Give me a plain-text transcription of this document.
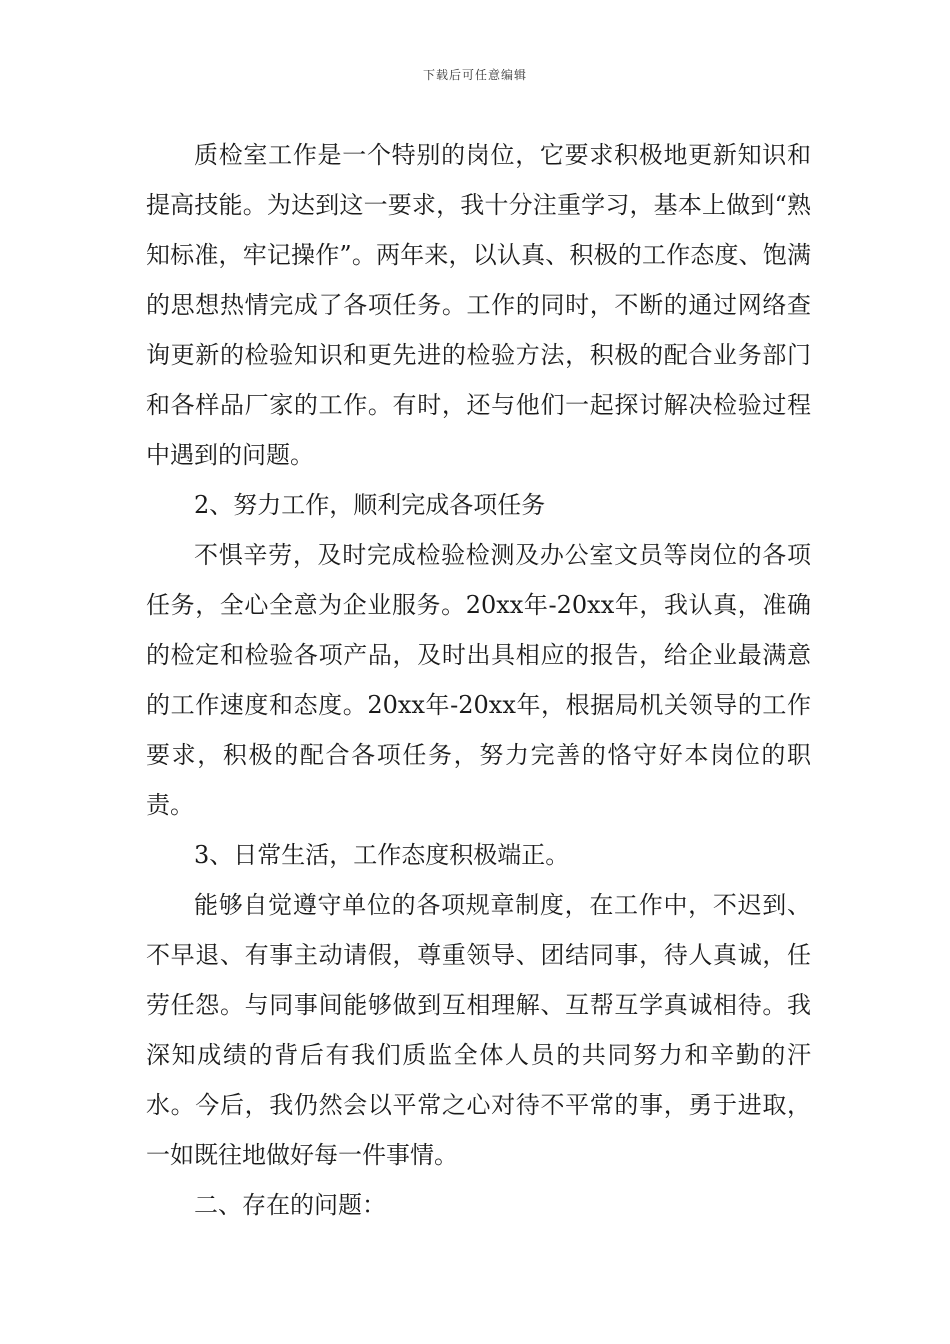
下载后可任意编辑

质检室工作是一个特别的岗位，它要求积极地更新知识和提高技能。为达到这一要求，我十分注重学习，基本上做到“熟知标准，牢记操作”。两年来，以认真、积极的工作态度、饱满的思想热情完成了各项任务。工作的同时，不断的通过网络查询更新的检验知识和更先进的检验方法，积极的配合业务部门和各样品厂家的工作。有时，还与他们一起探讨解决检验过程中遇到的问题。

2、努力工作，顺利完成各项任务

不惧辛劳，及时完成检验检测及办公室文员等岗位的各项任务，全心全意为企业服务。20xx年-20xx年，我认真，准确的检定和检验各项产品，及时出具相应的报告，给企业最满意的工作速度和态度。20xx年-20xx年，根据局机关领导的工作要求，积极的配合各项任务，努力完善的恪守好本岗位的职责。

3、日常生活，工作态度积极端正。

能够自觉遵守单位的各项规章制度，在工作中，不迟到、不早退、有事主动请假，尊重领导、团结同事，待人真诚，任劳任怨。与同事间能够做到互相理解、互帮互学真诚相待。我深知成绩的背后有我们质监全体人员的共同努力和辛勤的汗水。今后，我仍然会以平常之心对待不平常的事，勇于进取，一如既往地做好每一件事情。

二、存在的问题：
